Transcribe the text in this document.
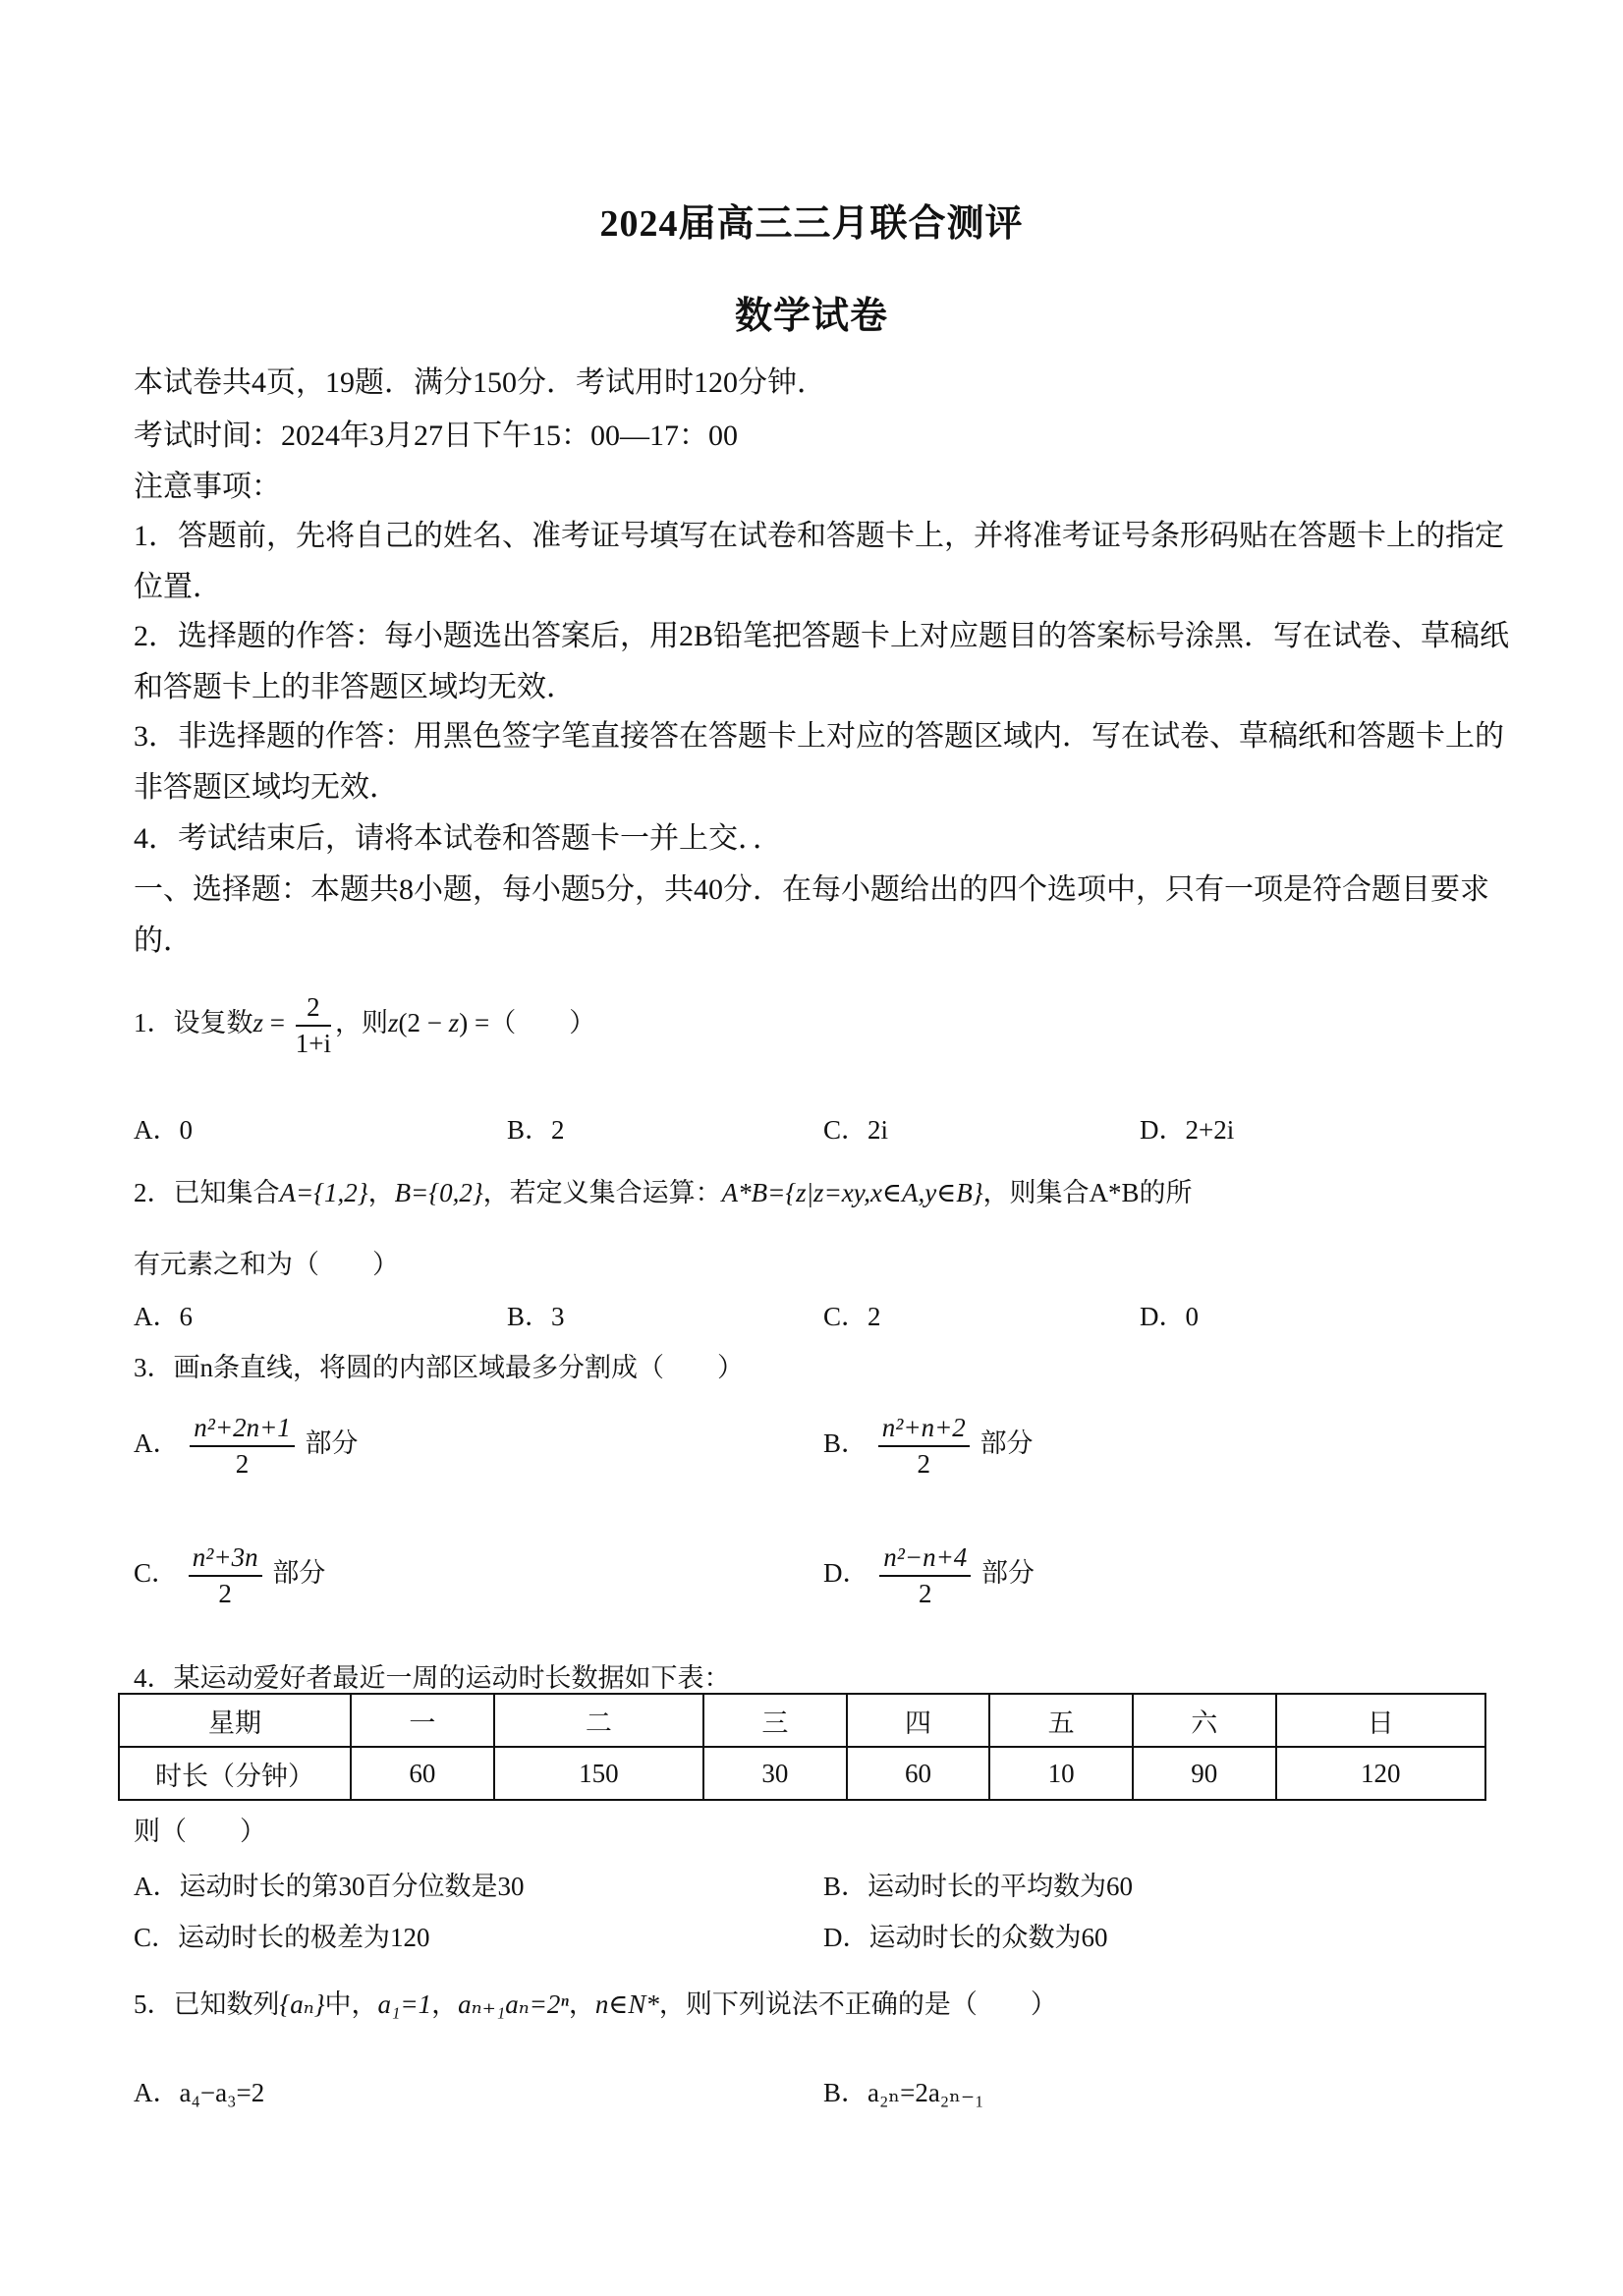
2024届高三三月联合测评
数学试卷
本试卷共4页，19题．满分150分．考试用时120分钟．
考试时间：2024年3月27日下午15：00—17：00
注意事项：
1．答题前，先将自己的姓名、准考证号填写在试卷和答题卡上，并将准考证号条形码贴在答题卡上的指定位置．
2．选择题的作答：每小题选出答案后，用2B铅笔把答题卡上对应题目的答案标号涂黑．写在试卷、草稿纸和答题卡上的非答题区域均无效．
3．非选择题的作答：用黑色签字笔直接答在答题卡上对应的答题区域内．写在试卷、草稿纸和答题卡上的非答题区域均无效．
4．考试结束后，请将本试卷和答题卡一并上交．．
一、选择题：本题共8小题，每小题5分，共40分．在每小题给出的四个选项中，只有一项是符合题目要求的．
1．设复数$z = \frac{2}{1+i}$ ，则z(2 − z) =（　　）
A．0	B．2	C．2i	D．2+2i
2．已知集合A={1,2}，B={0,2}，若定义集合运算：A*B={z|z=xy,x∈A,y∈B}，则集合A*B的所
有元素之和为（　　）
A．6	B．3	C．2	D．0
3．画n条直线，将圆的内部区域最多分割成（　　）
A． $\frac{\text{n²+2n+1}}{2}$ 部分	B． $\frac{\text{n²+n+2}}{2}$ 部分
C． $\frac{\text{n²+3n}}{2}$ 部分	D． $\frac{\text{n²−n+4}}{2}$ 部分
4．某运动爱好者最近一周的运动时长数据如下表：
星期	一	二	三	四	五	六	日
时长（分钟）	60	150	30	60	10	90	120
则（　　）
A．运动时长的第30百分位数是30	B．运动时长的平均数为60
C．运动时长的极差为120	D．运动时长的众数为60
5．已知数列{aₙ}中，a₁=1，aₙ₊₁aₙ=2ⁿ，n∈N*，则下列说法不正确的是（　　）
A．a₄−a₃=2	B．a₂ₙ=2a₂ₙ₋₁
